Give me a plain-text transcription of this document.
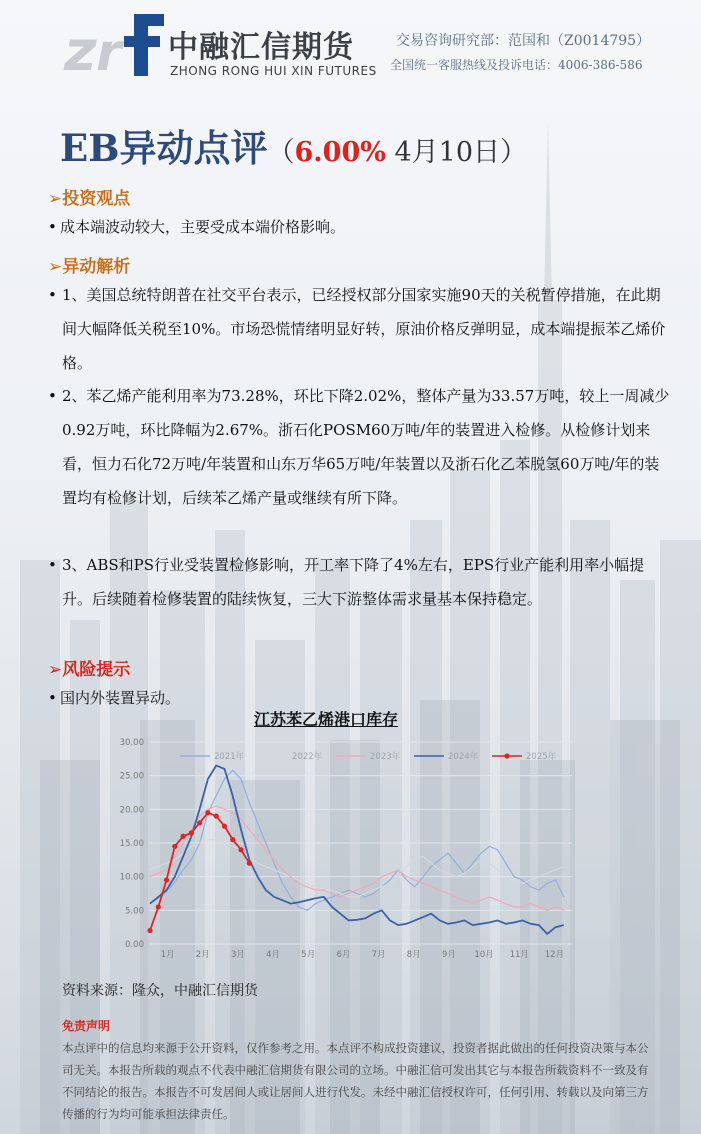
z r 中融汇信期货
ZHONG RONG HUI XIN FUTURES
交易咨询研究部：范国和（Z0014795）
全国统一客服热线及投诉电话：4006-386-586
EB异动点评（6.00% 4月10日）
➢投资观点
• 成本端波动较大，主要受成本端价格影响。
➢异动解析
• 1、美国总统特朗普在社交平台表示，已经授权部分国家实施90天的关税暂停措施，在此期间大幅降低关税至10%。市场恐慌情绪明显好转，原油价格反弹明显，成本端提振苯乙烯价格。
• 2、苯乙烯产能利用率为73.28%，环比下降2.02%，整体产量为33.57万吨，较上一周减少0.92万吨，环比降幅为2.67%。浙石化POSM60万吨/年的装置进入检修。从检修计划来看，恒力石化72万吨/年装置和山东万华65万吨/年装置以及浙石化乙苯脱氢60万吨/年的装置均有检修计划，后续苯乙烯产量或继续有所下降。
• 3、ABS和PS行业受装置检修影响，开工率下降了4%左右，EPS行业产能利用率小幅提升。后续随着检修装置的陆续恢复，三大下游整体需求量基本保持稳定。
➢风险提示
• 国内外装置异动。
江苏苯乙烯港口库存
0.00
5.00
10.00
15.00
20.00
25.00
30.00
1月 2月 3月 4月 5月 6月 7月 8月 9月 10月 11月 12月
2021年	2022年	2023年	2024年	2025年
资料来源：隆众，中融汇信期货
免责声明
本点评中的信息均来源于公开资料，仅作参考之用。本点评不构成投资建议，投资者据此做出的任何投资决策与本公司无关。本报告所载的观点不代表中融汇信期货有限公司的立场。中融汇信可发出其它与本报告所载资料不一致及有不同结论的报告。本报告不可发居间人或让居间人进行代发。未经中融汇信授权许可，任何引用、转载以及向第三方传播的行为均可能承担法律责任。
